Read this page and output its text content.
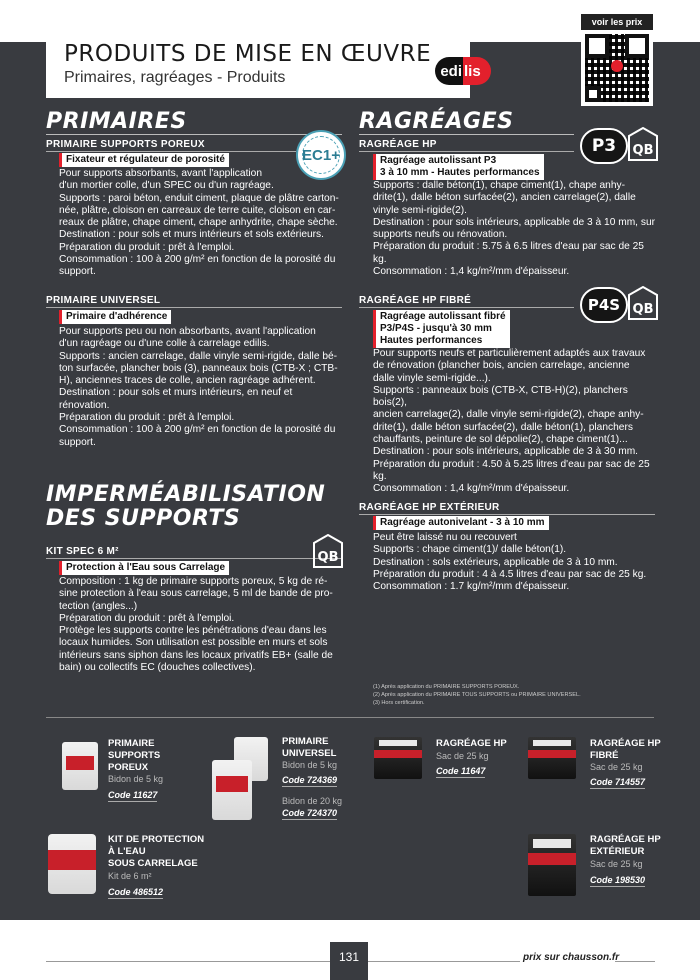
PRODUITS DE MISE EN ŒUVRE
Primaires, ragréages - Produits	edi lis
voir les prix
PRIMAIRES
EC1+
PRIMAIRE SUPPORTS POREUX
Fixateur et régulateur de porosité

Pour supports absorbants, avant l'application

d'un mortier colle, d'un SPEC ou d'un ragréage.

Supports : paroi béton, enduit ciment, plaque de plâtre carton-

née, plâtre, cloison en carreaux de terre cuite, cloison en car-

reaux de plâtre, chape ciment, chape anhydrite, chape sèche.

Destination : pour sols et murs intérieurs et sols extérieurs.

Préparation du produit : prêt à l'emploi.

Consommation : 100 à 200 g/m² en fonction de la porosité du

support.

PRIMAIRE UNIVERSEL
Primaire d'adhérence

Pour supports peu ou non absorbants, avant l'application

d'un ragréage ou d'une colle à carrelage edilis.

Supports : ancien carrelage, dalle vinyle semi-rigide, dalle bé-

ton surfacée, plancher bois (3), panneaux bois (CTB-X ; CTB-

H), anciennes traces de colle, ancien ragréage adhérent.

Destination : pour sols et murs intérieurs, en neuf et rénovation.

Préparation du produit : prêt à l'emploi.

Consommation : 100 à 200 g/m² en fonction de la porosité du

support.

IMPERMÉABILISATION
DES SUPPORTS
KIT SPEC 6 M²	QB
Protection à l'Eau sous Carrelage

Composition : 1 kg de primaire supports poreux, 5 kg de ré-

sine protection à l'eau sous carrelage, 5 ml de bande de pro-

tection (angles...)

Préparation du produit : prêt à l'emploi.

Protège les supports contre les pénétrations d'eau dans les

locaux humides. Son utilisation est possible en murs et sols

intérieurs sans siphon dans les locaux privatifs EB+ (salle de

bain) ou collectifs EC (douches collectives).

RAGRÉAGES
P3	QB
RAGRÉAGE HP
Ragréage autolissant P3
3 à 10 mm - Hautes performances

Supports : dalle béton(1), chape ciment(1), chape anhy-

drite(1), dalle béton surfacée(2), ancien carrelage(2), dalle

vinyle semi-rigide(2).

Destination : pour sols intérieurs, applicable de 3 à 10 mm, sur

supports neufs ou rénovation.

Préparation du produit : 5.75 à 6.5 litres d'eau par sac de 25 kg.

Consommation : 1,4 kg/m²/mm d'épaisseur.

P4S QB
RAGRÉAGE HP FIBRÉ
Ragréage autolissant fibré
P3/P4S - jusqu'à 30 mm
Hautes performances

Pour supports neufs et particulièrement adaptés aux travaux

de rénovation (plancher bois, ancien carrelage, ancienne

dalle vinyle semi-rigide...).

Supports : panneaux bois (CTB-X, CTB-H)(2), planchers bois(2),

ancien carrelage(2), dalle vinyle semi-rigide(2), chape anhy-

drite(1), dalle béton surfacée(2), dalle béton(1), planchers

chauffants, peinture de sol dépolie(2), chape ciment(1)...

Destination : pour sols intérieurs, applicable de 3 à 30 mm.

Préparation du produit : 4.50 à 5.25 litres d'eau par sac de 25 kg.

Consommation : 1,4 kg/m²/mm d'épaisseur.

RAGRÉAGE HP EXTÉRIEUR
Ragréage autonivelant - 3 à 10 mm

Peut être laissé nu ou recouvert

Supports : chape ciment(1)/ dalle béton(1).

Destination : sols extérieurs, applicable de 3 à 10 mm.

Préparation du produit : 4 à 4.5 litres d'eau par sac de 25 kg.

Consommation : 1.7 kg/m²/mm d'épaisseur.

(1) Après application du PRIMAIRE SUPPORTS POREUX.
(2) Après application du PRIMAIRE TOUS SUPPORTS ou PRIMAIRE UNIVERSEL.
(3) Hors certification.
PRIMAIRE
SUPPORTS
POREUX
Bidon de 5 kg
Code 11627
PRIMAIRE
UNIVERSEL
Bidon de 5 kg
Code 724369
Bidon de 20 kg
Code 724370
RAGRÉAGE HP
Sac de 25 kg
Code 11647
RAGRÉAGE HP
FIBRÉ
Sac de 25 kg
Code 714557
KIT DE PROTECTION
À L'EAU
SOUS CARRELAGE
Kit de 6 m²
Code 486512
RAGRÉAGE HP
EXTÉRIEUR
Sac de 25 kg
Code 198530
131	prix sur chausson.fr
